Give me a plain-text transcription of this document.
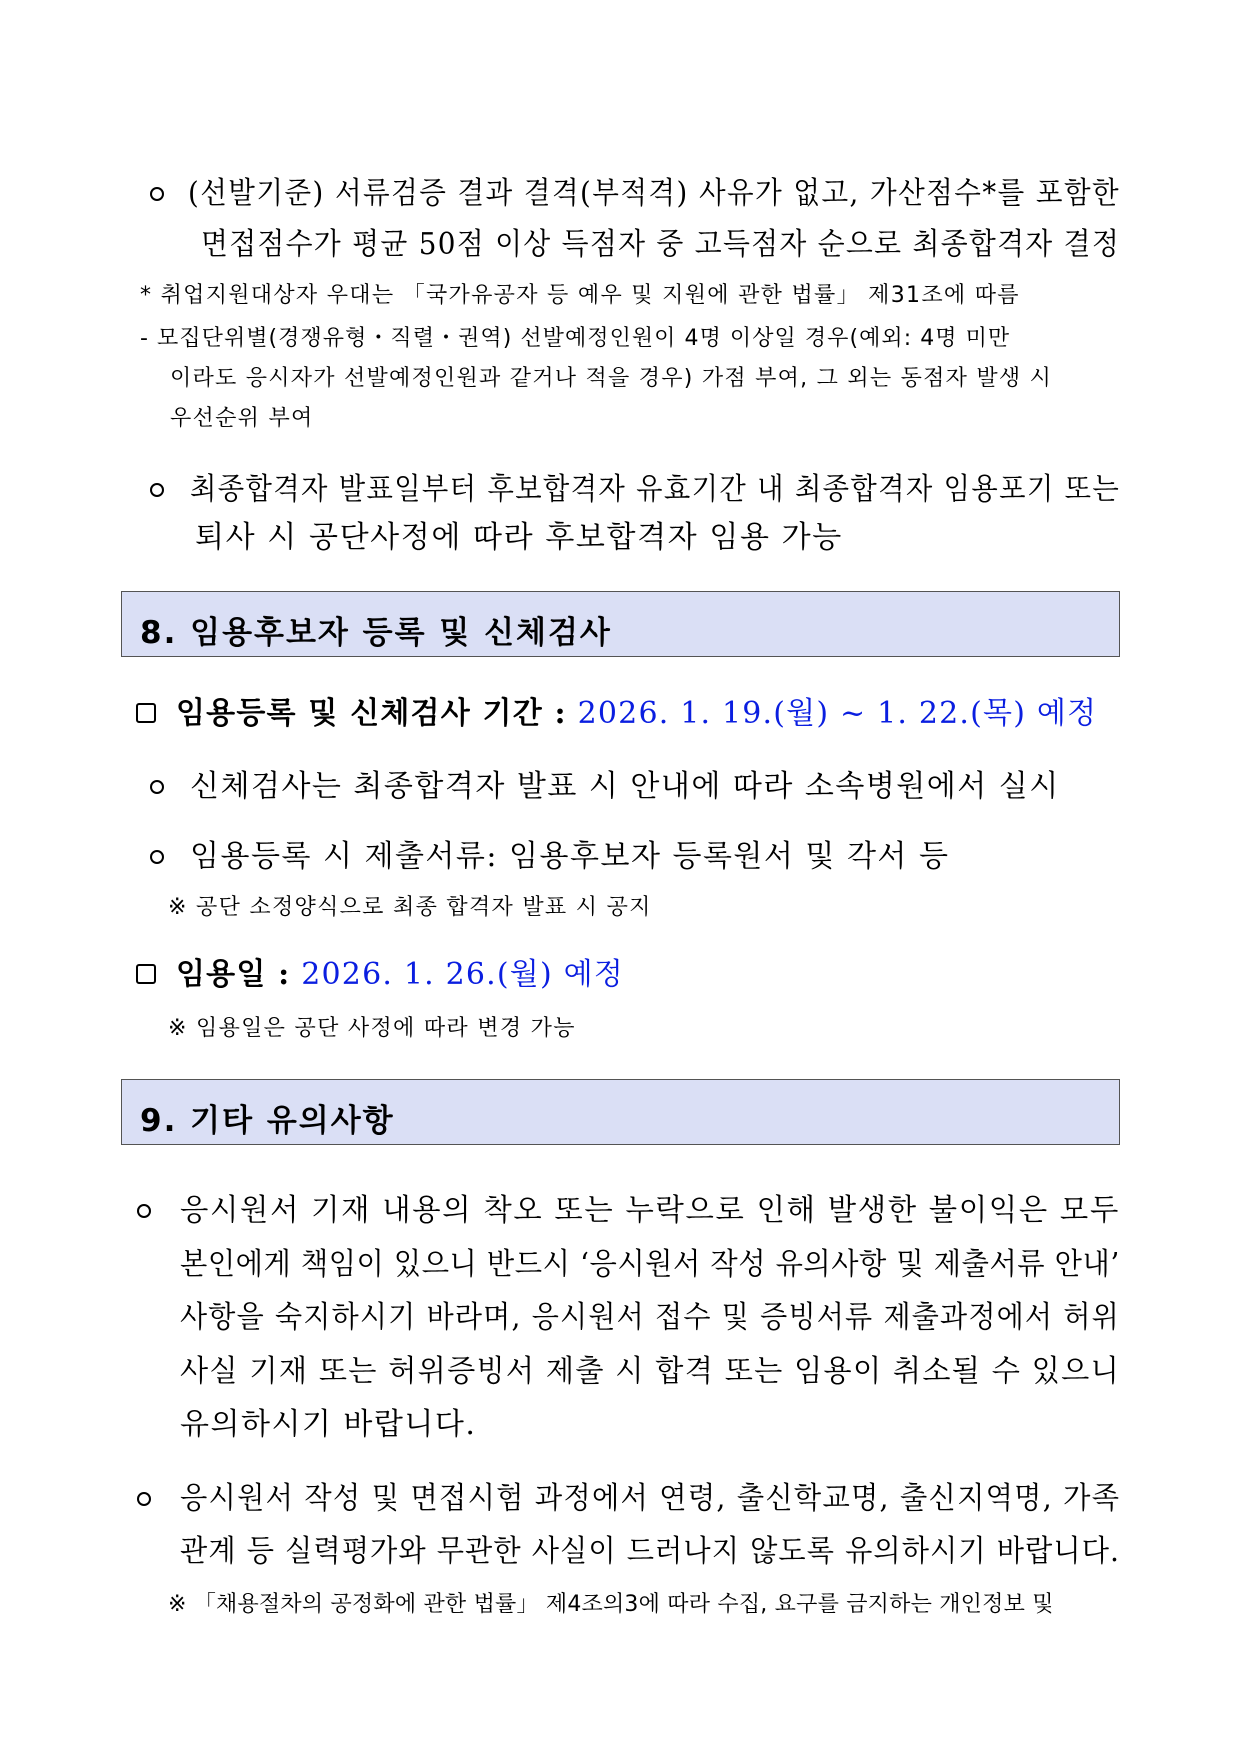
(선발기준) 서류검증 결과 결격(부적격) 사유가 없고, 가산점수*를 포함한
면접점수가 평균 50점 이상 득점자 중 고득점자 순으로 최종합격자 결정
* 취업지원대상자 우대는 「국가유공자 등 예우 및 지원에 관한 법률」 제31조에 따름
- 모집단위별(경쟁유형・직렬・권역) 선발예정인원이 4명 이상일 경우(예외: 4명 미만
이라도 응시자가 선발예정인원과 같거나 적을 경우) 가점 부여, 그 외는 동점자 발생 시
우선순위 부여
최종합격자 발표일부터 후보합격자 유효기간 내 최종합격자 임용포기 또는
퇴사 시 공단사정에 따라 후보합격자 임용 가능
8. 임용후보자 등록 및 신체검사
임용등록 및 신체검사 기간 : 2026. 1. 19.(월) ~ 1. 22.(목) 예정
신체검사는 최종합격자 발표 시 안내에 따라 소속병원에서 실시
임용등록 시 제출서류: 임용후보자 등록원서 및 각서 등
※ 공단 소정양식으로 최종 합격자 발표 시 공지
임용일 : 2026. 1. 26.(월) 예정
※ 임용일은 공단 사정에 따라 변경 가능
9. 기타 유의사항
응시원서 기재 내용의 착오 또는 누락으로 인해 발생한 불이익은 모두
본인에게 책임이 있으니 반드시 ‘응시원서 작성 유의사항 및 제출서류 안내’
사항을 숙지하시기 바라며, 응시원서 접수 및 증빙서류 제출과정에서 허위
사실 기재 또는 허위증빙서 제출 시 합격 또는 임용이 취소될 수 있으니
유의하시기 바랍니다.
응시원서 작성 및 면접시험 과정에서 연령, 출신학교명, 출신지역명, 가족
관계 등 실력평가와 무관한 사실이 드러나지 않도록 유의하시기 바랍니다.
※ 「채용절차의 공정화에 관한 법률」 제4조의3에 따라 수집, 요구를 금지하는 개인정보 및
